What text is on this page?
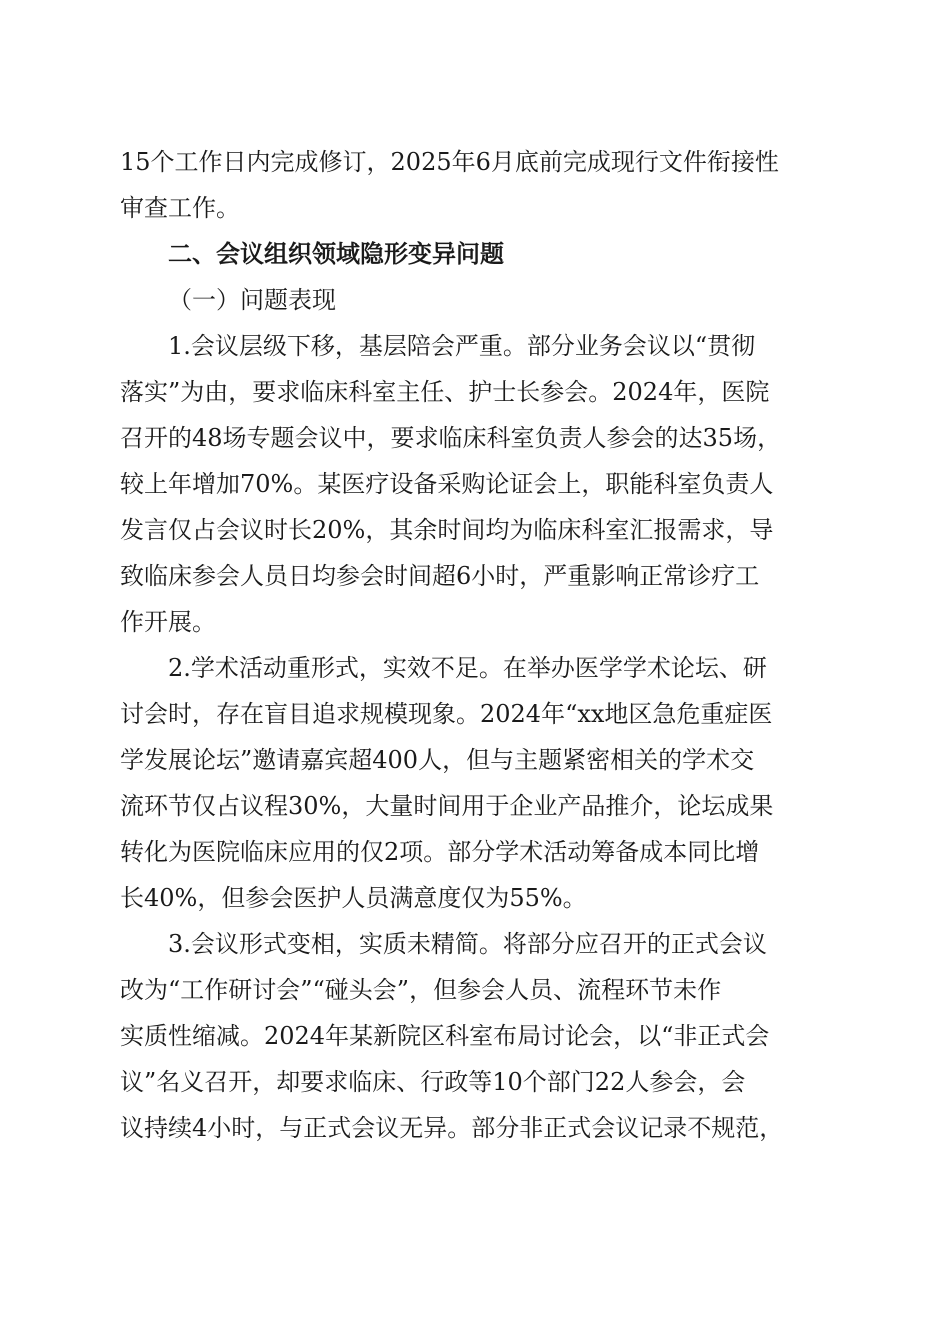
15个工作日内完成修订，2025年6月底前完成现行文件衔接性
审查工作。
二、会议组织领域隐形变异问题
（一）问题表现
1.会议层级下移，基层陪会严重。部分业务会议以“贯彻
落实”为由，要求临床科室主任、护士长参会。2024年，医院
召开的48场专题会议中，要求临床科室负责人参会的达35场，
较上年增加70%。某医疗设备采购论证会上，职能科室负责人
发言仅占会议时长20%，其余时间均为临床科室汇报需求，导
致临床参会人员日均参会时间超6小时，严重影响正常诊疗工
作开展。
2.学术活动重形式，实效不足。在举办医学学术论坛、研
讨会时，存在盲目追求规模现象。2024年“xx地区急危重症医
学发展论坛”邀请嘉宾超400人，但与主题紧密相关的学术交
流环节仅占议程30%，大量时间用于企业产品推介，论坛成果
转化为医院临床应用的仅2项。部分学术活动筹备成本同比增
长40%，但参会医护人员满意度仅为55%。
3.会议形式变相，实质未精简。将部分应召开的正式会议
改为“工作研讨会”“碰头会”，但参会人员、流程环节未作
实质性缩减。2024年某新院区科室布局讨论会，以“非正式会
议”名义召开，却要求临床、行政等10个部门22人参会，会
议持续4小时，与正式会议无异。部分非正式会议记录不规范，
